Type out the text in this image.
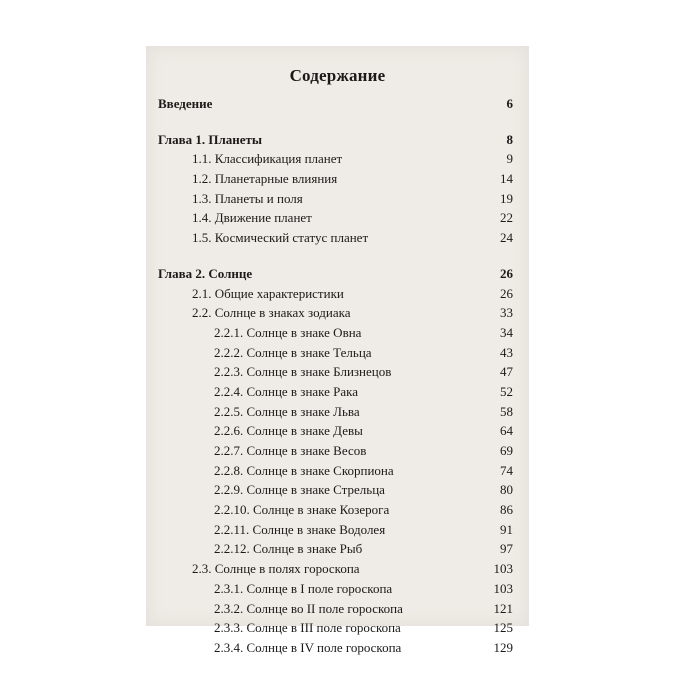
Содержание
Введение	6
Глава 1. Планеты	8
1.1. Классификация планет	9
1.2. Планетарные влияния	14
1.3. Планеты и поля	19
1.4. Движение планет	22
1.5. Космический статус планет	24
Глава 2. Солнце	26
2.1. Общие характеристики	26
2.2. Солнце в знаках зодиака	33
2.2.1. Солнце в знаке Овна	34
2.2.2. Солнце в знаке Тельца	43
2.2.3. Солнце в знаке Близнецов	47
2.2.4. Солнце в знаке Рака	52
2.2.5. Солнце в знаке Льва	58
2.2.6. Солнце в знаке Девы	64
2.2.7. Солнце в знаке Весов	69
2.2.8. Солнце в знаке Скорпиона	74
2.2.9. Солнце в знаке Стрельца	80
2.2.10. Солнце в знаке Козерога	86
2.2.11. Солнце в знаке Водолея	91
2.2.12. Солнце в знаке Рыб	97
2.3. Солнце в полях гороскопа	103
2.3.1. Солнце в I поле гороскопа	103
2.3.2. Солнце во II поле гороскопа	121
2.3.3. Солнце в III поле гороскопа	125
2.3.4. Солнце в IV поле гороскопа	129
